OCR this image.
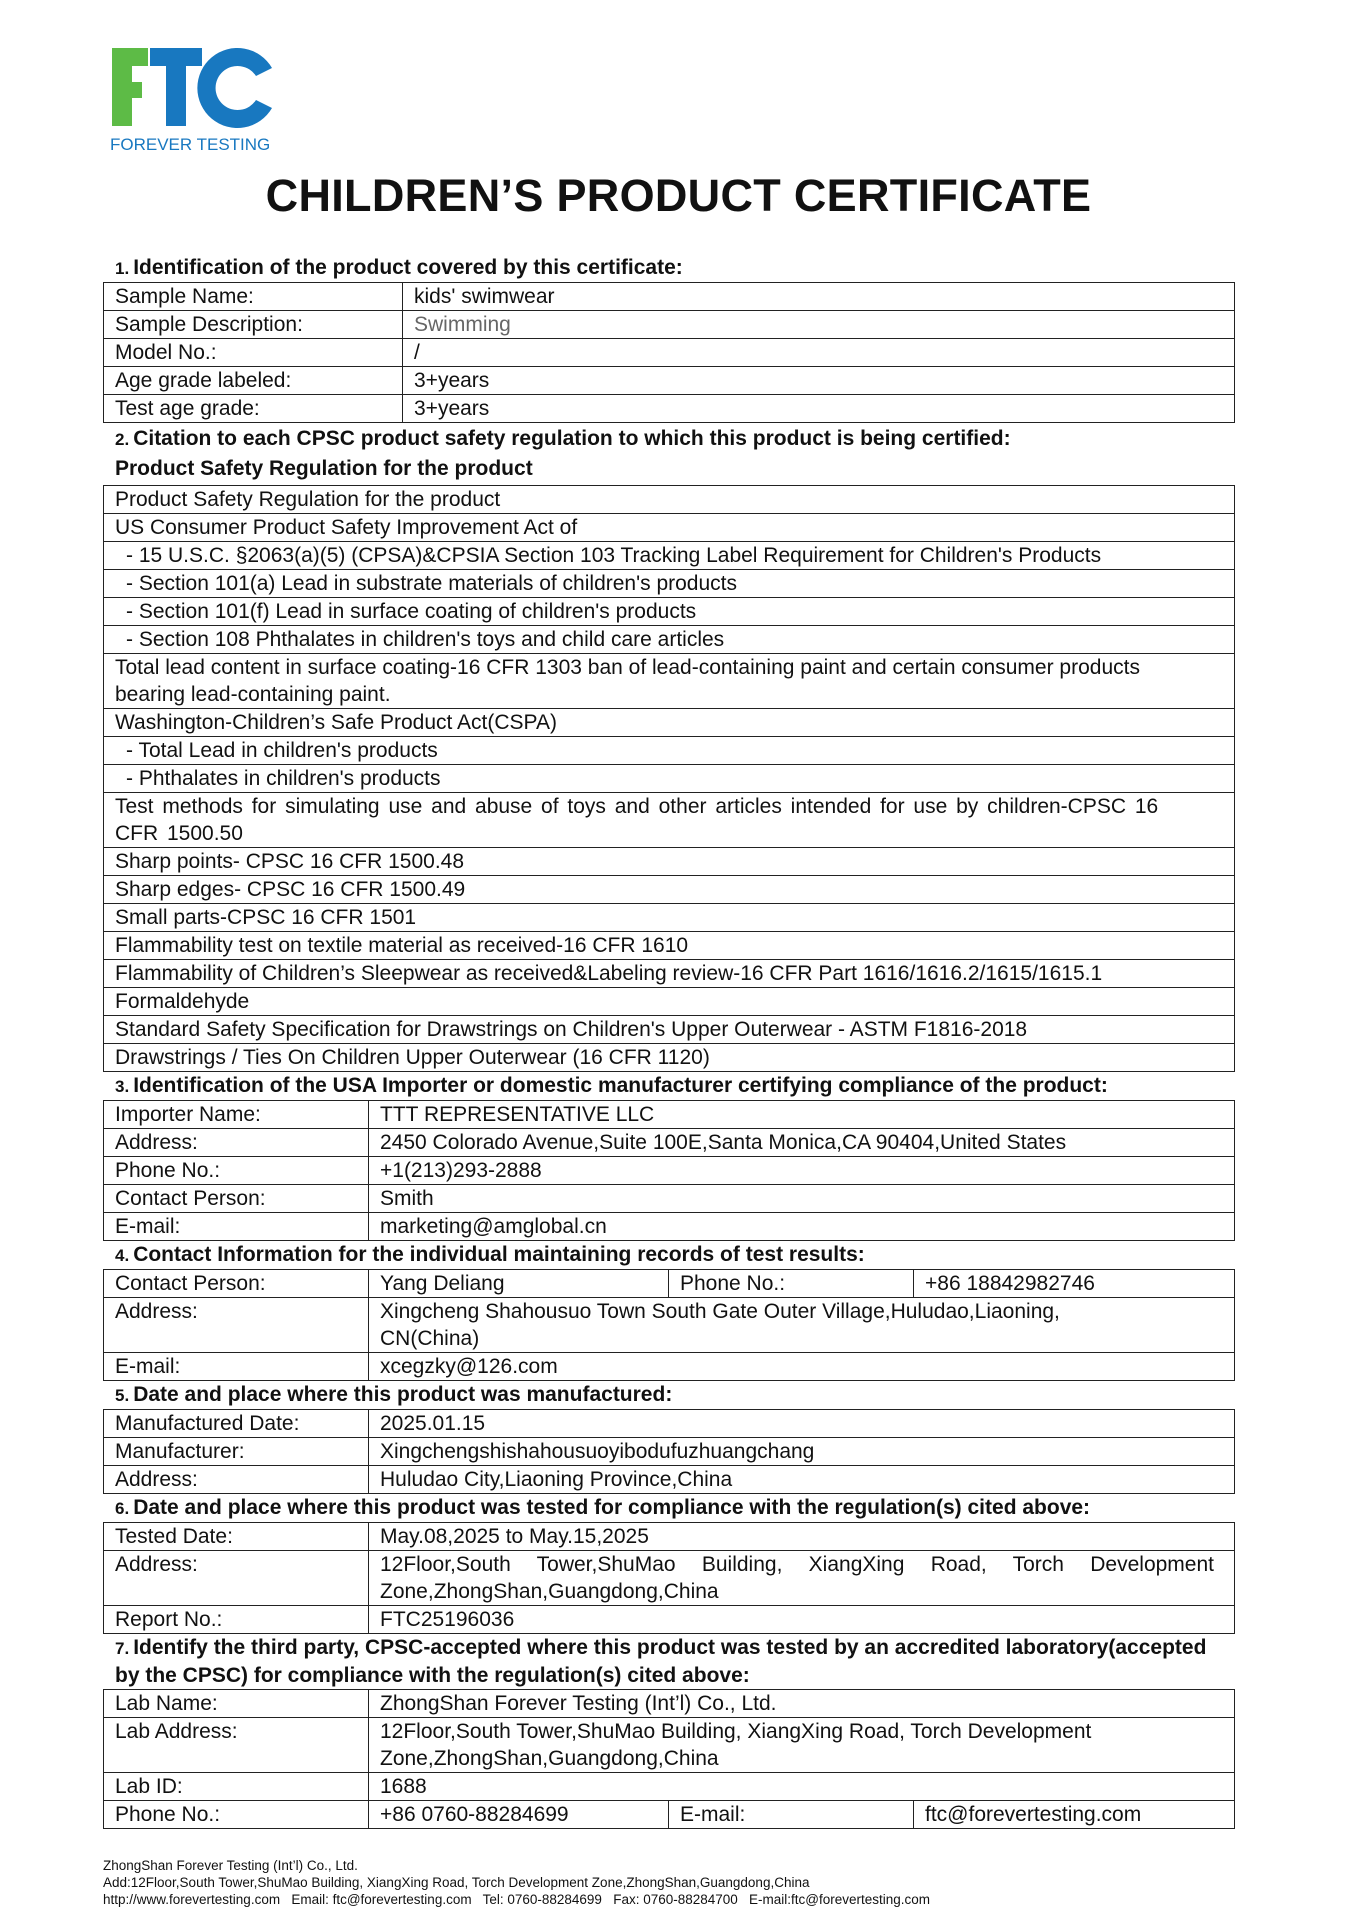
FOREVER TESTING
CHILDREN’S PRODUCT CERTIFICATE
1. Identification of the product covered by this certificate:
Sample Name:	kids' swimwear
Sample Description:	Swimming
Model No.:	/
Age grade labeled:	3+years
Test age grade:	3+years
2. Citation to each CPSC product safety regulation to which this product is being certified:
Product Safety Regulation for the product
Product Safety Regulation for the product
US Consumer Product Safety Improvement Act of
- 15 U.S.C. §2063(a)(5) (CPSA)&CPSIA Section 103 Tracking Label Requirement for Children's Products
- Section 101(a) Lead in substrate materials of children's products
- Section 101(f) Lead in surface coating of children's products
- Section 108 Phthalates in children's toys and child care articles
Total lead content in surface coating-16 CFR 1303 ban of lead-containing paint and certain consumer products bearing lead-containing paint.
Washington-Children’s Safe Product Act(CSPA)
- Total Lead in children's products
- Phthalates in children's products
Test methods for simulating use and abuse of toys and other articles intended for use by children-CPSC 16 CFR 1500.50
Sharp points- CPSC 16 CFR 1500.48
Sharp edges- CPSC 16 CFR 1500.49
Small parts-CPSC 16 CFR 1501
Flammability test on textile material as received-16 CFR 1610
Flammability of Children’s Sleepwear as received&Labeling review-16 CFR Part 1616/1616.2/1615/1615.1
Formaldehyde
Standard Safety Specification for Drawstrings on Children's Upper Outerwear - ASTM F1816-2018
Drawstrings / Ties On Children Upper Outerwear (16 CFR 1120)
3. Identification of the USA Importer or domestic manufacturer certifying compliance of the product:
Importer Name:	TTT REPRESENTATIVE LLC
Address:	2450 Colorado Avenue,Suite 100E,Santa Monica,CA 90404,United States
Phone No.:	+1(213)293-2888
Contact Person:	Smith
E-mail:	marketing@amglobal.cn
4. Contact Information for the individual maintaining records of test results:
Contact Person:	Yang Deliang	Phone No.:	+86 18842982746
Address:	Xingcheng Shahousuo Town South Gate Outer Village,Huludao,Liaoning, CN(China)		
E-mail:	xcegzky@126.com		
5. Date and place where this product was manufactured:
Manufactured Date:	2025.01.15
Manufacturer:	Xingchengshishahousuoyibodufuzhuangchang
Address:	Huludao City,Liaoning Province,China
6. Date and place where this product was tested for compliance with the regulation(s) cited above:
Tested Date:	May.08,2025 to May.15,2025
Address:	12Floor,South Tower,ShuMao Building, XiangXing Road, Torch Development Zone,ZhongShan,Guangdong,China
Report No.:	FTC25196036
7. Identify the third party, CPSC-accepted where this product was tested by an accredited laboratory(accepted by the CPSC) for compliance with the regulation(s) cited above:
Lab Name:	ZhongShan Forever Testing (Int’l) Co., Ltd.		
Lab Address:	12Floor,South Tower,ShuMao Building, XiangXing Road, Torch Development Zone,ZhongShan,Guangdong,China		
Lab ID:	1688		
Phone No.:	+86 0760-88284699	E-mail:	ftc@forevertesting.com
ZhongShan Forever Testing (Int’l) Co., Ltd.
Add:12Floor,South Tower,ShuMao Building, XiangXing Road, Torch Development Zone,ZhongShan,Guangdong,China
http://www.forevertesting.com   Email: ftc@forevertesting.com   Tel: 0760-88284699   Fax: 0760-88284700   E-mail:ftc@forevertesting.com
